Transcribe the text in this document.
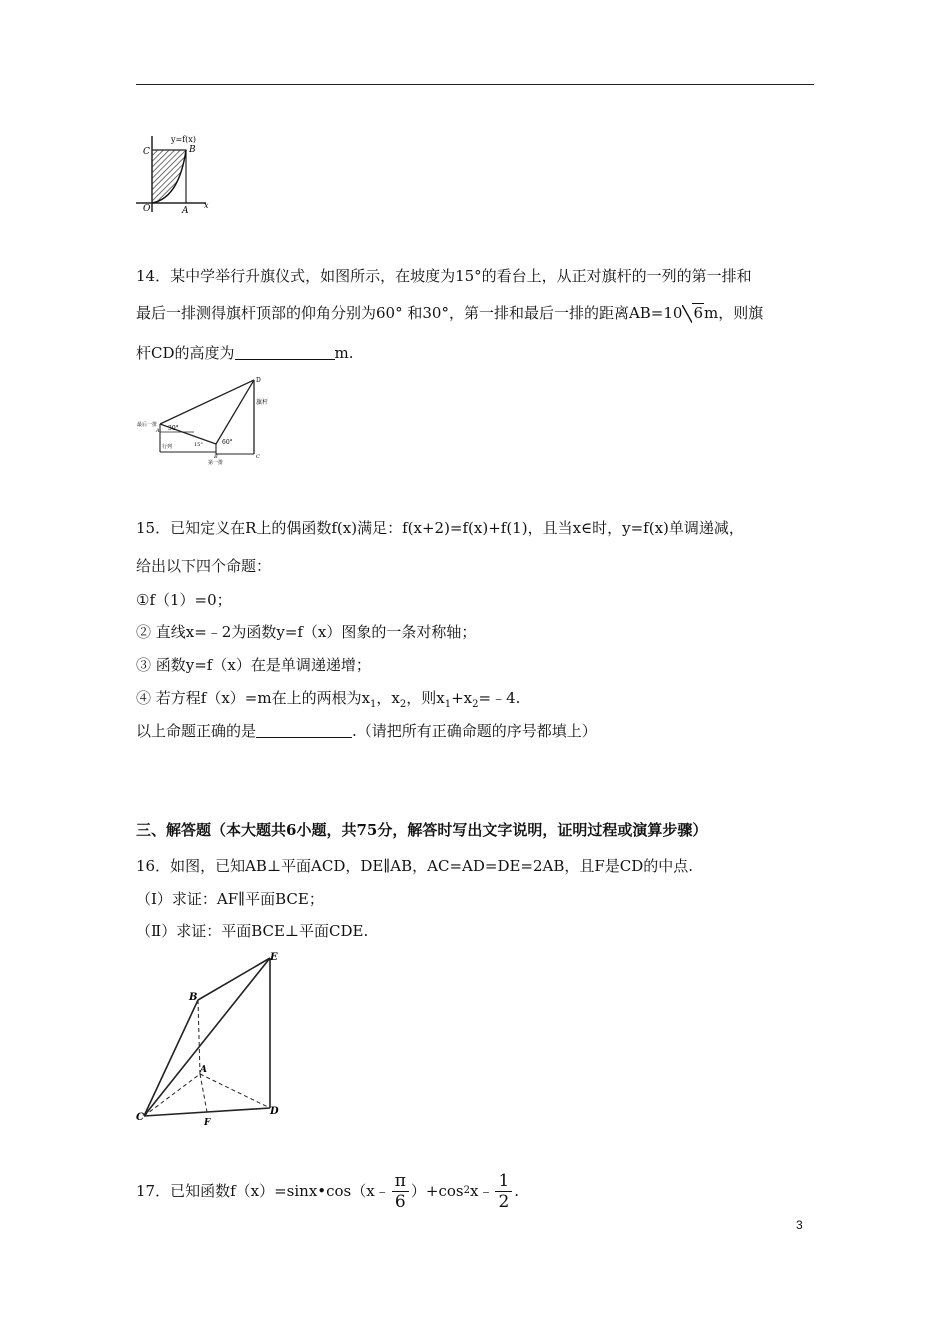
y=f(x)
C	B
O	A
x
14．某中学举行升旗仪式，如图所示，在坡度为15°的看台上，从正对旗杆的一列的第一排和
最后一排测得旗杆顶部的仰角分别为60° 和30°，第一排和最后一排的距离AB=10 6m，则旗
杆CD的高度为	m.
D
旗杆
最后一排
第一排
A
B	C
30°
60°
15°
行列
15．已知定义在R上的偶函数f(x)满足：f(x+2)=f(x)+f(1)，且当x∈时，y=f(x)单调递减，
给出以下四个命题：
①f（1）=0；
② 直线x=﹣2为函数y=f（x）图象的一条对称轴；
③ 函数y=f（x）在是单调递递增；
④ 若方程f（x）=m在上的两根为$x_1$，$x_2$，则$x_1+x_2=﹣4$.
以上命题正确的是	.（请把所有正确命题的序号都填上）
三、解答题（本大题共6小题，共75分，解答时写出文字说明，证明过程或演算步骤）
16．如图，已知AB⊥平面ACD，DE∥AB，AC=AD=DE=2AB，且F是CD的中点.
（Ⅰ）求证：AF∥平面BCE；
（Ⅱ）求证：平面BCE⊥平面CDE.
E
B
A
C
D
F
17．已知函数f（x）=sinx•cos（x﹣ $\frac{\pi}{6} )+\cos$ 2 x﹣ $\frac{1}{2}$ .
3
